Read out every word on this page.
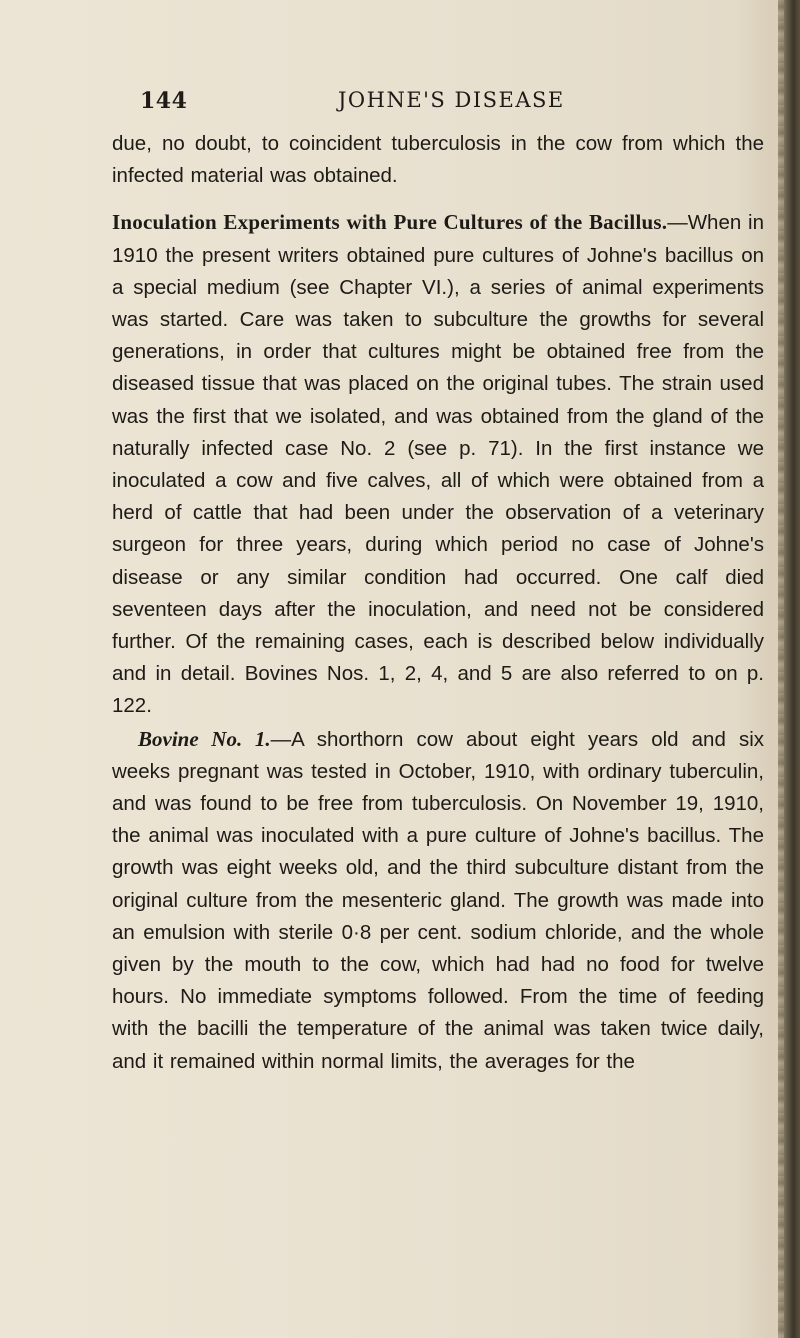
144	JOHNE'S DISEASE

due, no doubt, to coincident tuberculosis in the cow from which the infected material was obtained.

Inoculation Experiments with Pure Cultures of the Bacillus.—When in 1910 the present writers obtained pure cultures of Johne's bacillus on a special medium (see Chapter VI.), a series of animal experiments was started. Care was taken to subculture the growths for several generations, in order that cultures might be obtained free from the diseased tissue that was placed on the original tubes. The strain used was the first that we isolated, and was obtained from the gland of the naturally infected case No. 2 (see p. 71). In the first instance we inoculated a cow and five calves, all of which were obtained from a herd of cattle that had been under the observation of a veterinary surgeon for three years, during which period no case of Johne's disease or any similar condition had occurred. One calf died seventeen days after the inoculation, and need not be considered further. Of the remaining cases, each is described below individually and in detail. Bovines Nos. 1, 2, 4, and 5 are also referred to on p. 122.

Bovine No. 1.—A shorthorn cow about eight years old and six weeks pregnant was tested in October, 1910, with ordinary tuberculin, and was found to be free from tuberculosis. On November 19, 1910, the animal was inoculated with a pure culture of Johne's bacillus. The growth was eight weeks old, and the third subculture distant from the original culture from the mesenteric gland. The growth was made into an emulsion with sterile 0·8 per cent. sodium chloride, and the whole given by the mouth to the cow, which had had no food for twelve hours. No immediate symptoms followed. From the time of feeding with the bacilli the temperature of the animal was taken twice daily, and it remained within normal limits, the averages for the
